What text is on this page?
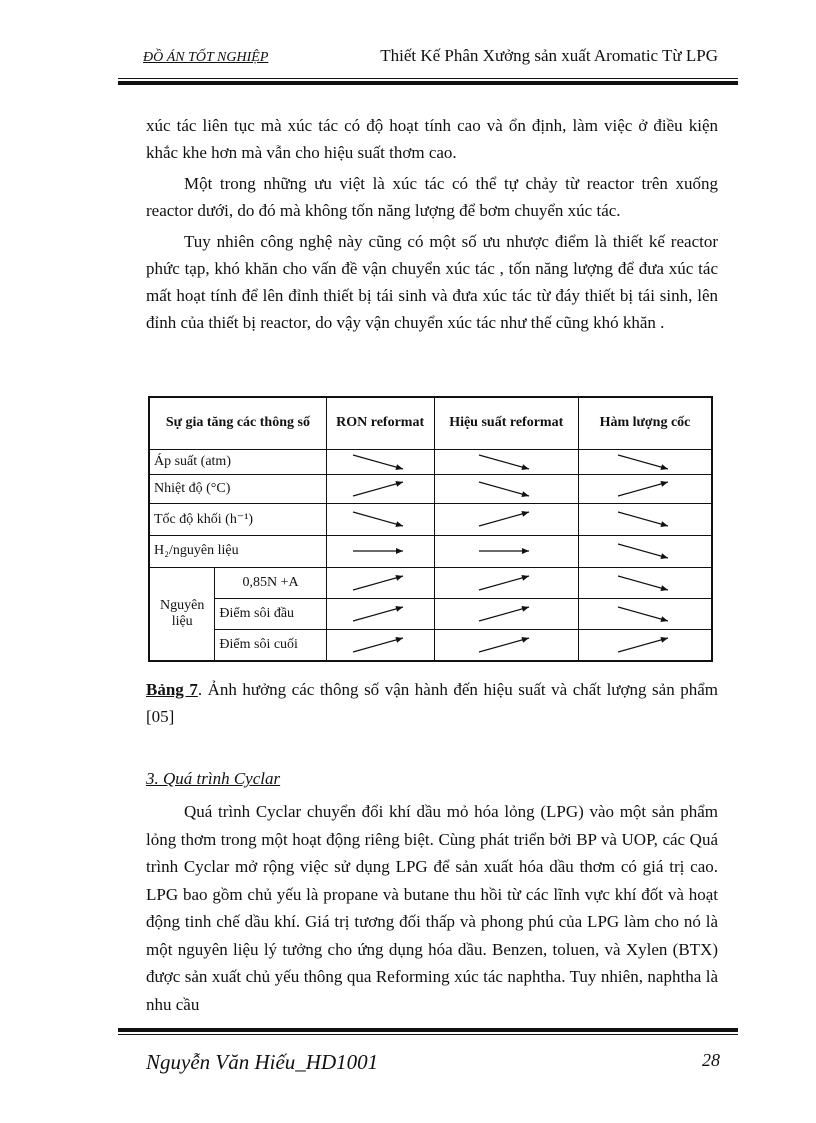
ĐỒ ÁN TỐT NGHIỆP	Thiết Kế Phân Xưởng sản xuất Aromatic Từ LPG

xúc tác liên tục mà xúc tác có độ hoạt tính cao và ổn định, làm việc ở điều kiện khắc khe hơn mà vẫn cho hiệu suất thơm cao.

Một trong những ưu việt là xúc tác có thể tự chảy từ reactor trên xuống reactor dưới, do đó mà không tốn năng lượng để bơm chuyển xúc tác.

Tuy nhiên công nghệ này cũng có một số ưu nhược điểm là thiết kế reactor phức tạp, khó khăn cho vấn đề vận chuyển xúc tác , tốn năng lượng để đưa xúc tác mất hoạt tính để lên đỉnh thiết bị tái sinh và đưa xúc tác từ đáy thiết bị tái sinh, lên đỉnh của thiết bị reactor, do vậy vận chuyển xúc tác như thế cũng khó khăn .

Sự gia tăng các thông số		RON reformat	Hiệu suất reformat	Hàm lượng cốc
Áp suất (atm)	

Nhiệt độ (°C)	

Tốc độ khối (h⁻¹)	

H₂/nguyên liệu	

Nguyên liệu	0,85N +A	

	Điểm sôi đầu	

	Điểm sôi cuối	

Bảng 7. Ảnh hưởng các thông số vận hành đến hiệu suất và chất lượng sản phẩm [05]
3. Quá trình Cyclar

Quá trình Cyclar chuyển đổi khí dầu mỏ hóa lỏng (LPG) vào một sản phẩm lỏng thơm trong một hoạt động riêng biệt. Cùng phát triển bởi BP và UOP, các Quá trình Cyclar mở rộng việc sử dụng LPG để sản xuất hóa dầu thơm có giá trị cao. LPG bao gồm chủ yếu là propane và butane thu hồi từ các lĩnh vực khí đốt và hoạt động tinh chế dầu khí. Giá trị tương đối thấp và phong phú của LPG làm cho nó là một nguyên liệu lý tưởng cho ứng dụng hóa dầu. Benzen, toluen, và Xylen (BTX) được sản xuất chủ yếu thông qua Reforming xúc tác naphtha. Tuy nhiên, naphtha là nhu cầu

Nguyễn Văn Hiếu_HD1001	28
